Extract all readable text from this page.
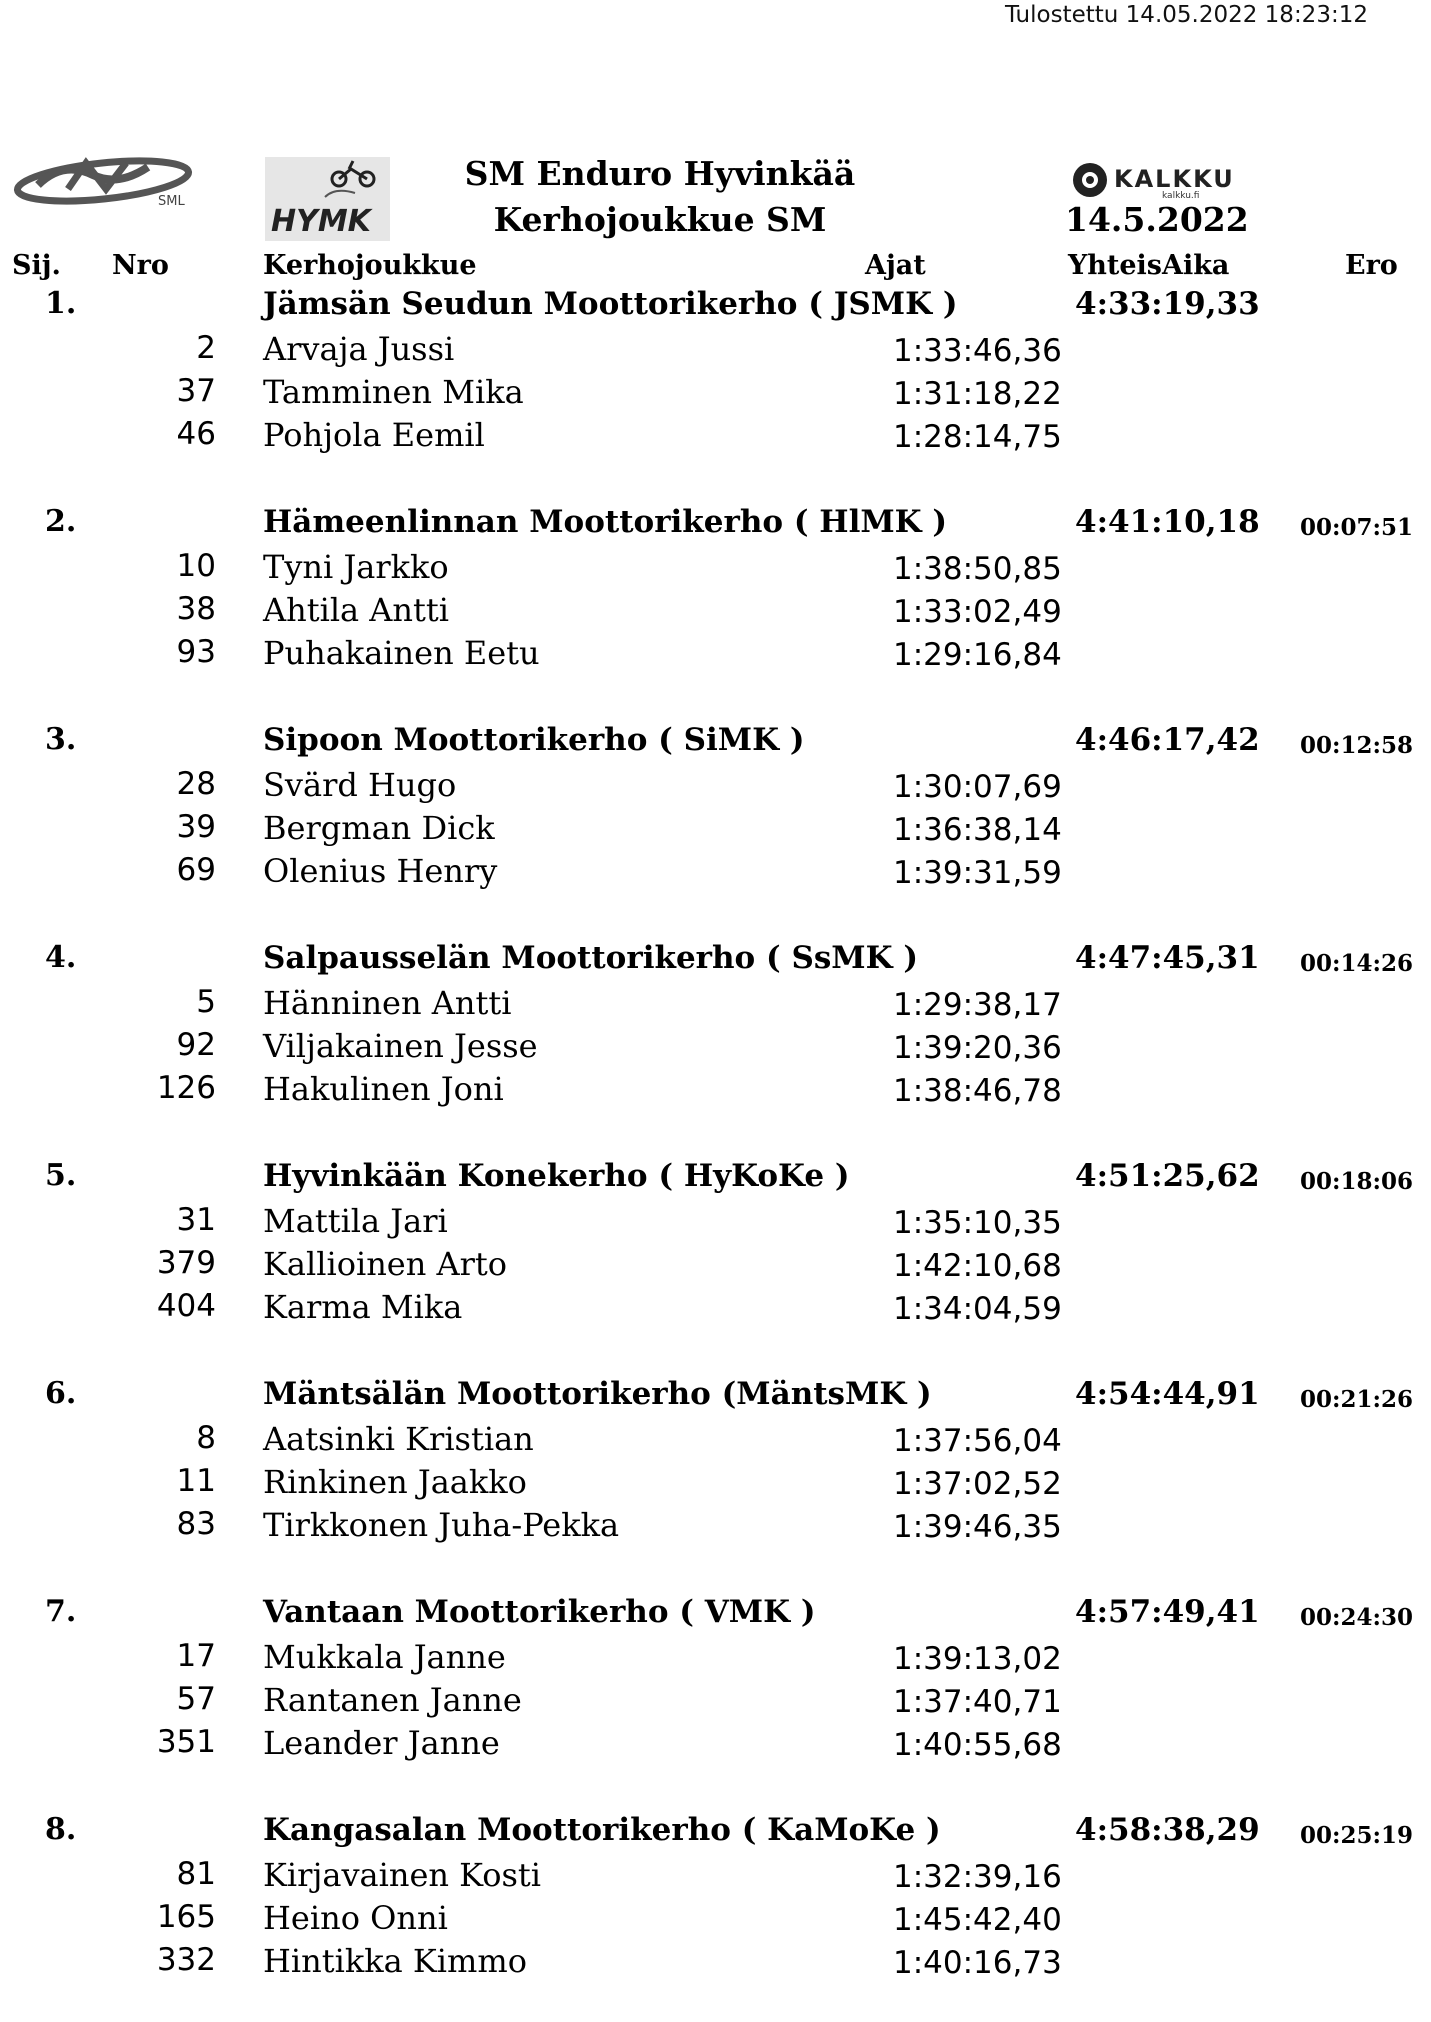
Tulostettu 14.05.2022 18:23:12
SML
HYMK
KALKKU
kalkku.fi
SM Enduro Hyvinkää
Kerhojoukkue SM	14.5.2022
Sij. Nro	Kerhojoukkue	Ajat	YhteisAika	Ero
1.	Jämsän Seudun Moottorikerho ( JSMK )	4:33:19,33
2 Arvaja Jussi	1:33:46,36
37 Tamminen Mika	1:31:18,22
46 Pohjola Eemil	1:28:14,75
2.	Hämeenlinnan Moottorikerho ( HlMK )	4:41:10,18 00:07:51
10 Tyni Jarkko	1:38:50,85
38 Ahtila Antti	1:33:02,49
93 Puhakainen Eetu	1:29:16,84
3.	Sipoon Moottorikerho ( SiMK )	4:46:17,42 00:12:58
28 Svärd Hugo	1:30:07,69
39 Bergman Dick	1:36:38,14
69 Olenius Henry	1:39:31,59
4.	Salpausselän Moottorikerho ( SsMK )	4:47:45,31 00:14:26
5 Hänninen Antti	1:29:38,17
92 Viljakainen Jesse	1:39:20,36
126 Hakulinen Joni	1:38:46,78
5.	Hyvinkään Konekerho ( HyKoKe )	4:51:25,62 00:18:06
31 Mattila Jari	1:35:10,35
379 Kallioinen Arto	1:42:10,68
404 Karma Mika	1:34:04,59
6.	Mäntsälän Moottorikerho (MäntsMK )	4:54:44,91 00:21:26
8 Aatsinki Kristian	1:37:56,04
11 Rinkinen Jaakko	1:37:02,52
83 Tirkkonen Juha-Pekka	1:39:46,35
7.	Vantaan Moottorikerho ( VMK )	4:57:49,41 00:24:30
17 Mukkala Janne	1:39:13,02
57 Rantanen Janne	1:37:40,71
351 Leander Janne	1:40:55,68
8.	Kangasalan Moottorikerho ( KaMoKe )	4:58:38,29 00:25:19
81 Kirjavainen Kosti	1:32:39,16
165 Heino Onni	1:45:42,40
332 Hintikka Kimmo	1:40:16,73
